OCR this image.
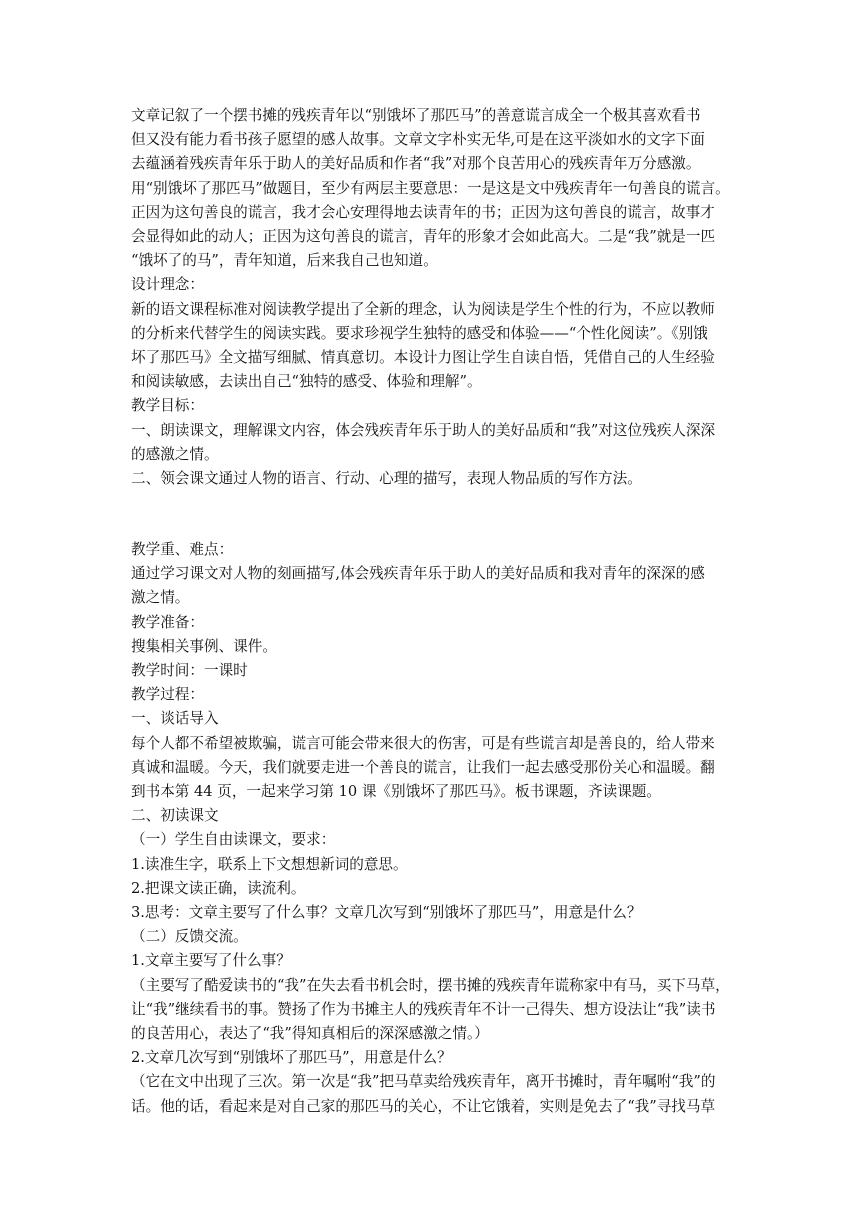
文章记叙了一个摆书摊的残疾青年以“别饿坏了那匹马”的善意谎言成全一个极其喜欢看书
但又没有能力看书孩子愿望的感人故事。文章文字朴实无华,可是在这平淡如水的文字下面
去蕴涵着残疾青年乐于助人的美好品质和作者“我”对那个良苦用心的残疾青年万分感激。
用“别饿坏了那匹马”做题目，至少有两层主要意思：一是这是文中残疾青年一句善良的谎言。
正因为这句善良的谎言，我才会心安理得地去读青年的书；正因为这句善良的谎言，故事才
会显得如此的动人；正因为这句善良的谎言，青年的形象才会如此高大。二是“我”就是一匹
“饿坏了的马”，青年知道，后来我自己也知道。
设计理念：
新的语文课程标准对阅读教学提出了全新的理念，认为阅读是学生个性的行为，不应以教师
的分析来代替学生的阅读实践。要求珍视学生独特的感受和体验——“个性化阅读”。《别饿
坏了那匹马》全文描写细腻、情真意切。本设计力图让学生自读自悟，凭借自己的人生经验
和阅读敏感，去读出自己“独特的感受、体验和理解”。
教学目标：
一、朗读课文，理解课文内容，体会残疾青年乐于助人的美好品质和“我”对这位残疾人深深
的感激之情。
二、领会课文通过人物的语言、行动、心理的描写，表现人物品质的写作方法。
教学重、难点：
通过学习课文对人物的刻画描写,体会残疾青年乐于助人的美好品质和我对青年的深深的感
激之情。
教学准备：
搜集相关事例、课件。
教学时间：一课时
教学过程：
一、谈话导入
每个人都不希望被欺骗，谎言可能会带来很大的伤害，可是有些谎言却是善良的，给人带来
真诚和温暖。今天，我们就要走进一个善良的谎言，让我们一起去感受那份关心和温暖。翻
到书本第 44 页，一起来学习第 10 课《别饿坏了那匹马》。板书课题，齐读课题。
二、初读课文
（一）学生自由读课文，要求：
1.读准生字，联系上下文想想新词的意思。
2.把课文读正确，读流利。
3.思考：文章主要写了什么事？文章几次写到“别饿坏了那匹马”，用意是什么？
（二）反馈交流。
1.文章主要写了什么事？
（主要写了酷爱读书的“我”在失去看书机会时，摆书摊的残疾青年谎称家中有马，买下马草，
让“我”继续看书的事。赞扬了作为书摊主人的残疾青年不计一己得失、想方设法让“我”读书
的良苦用心，表达了“我”得知真相后的深深感激之情。）
2.文章几次写到“别饿坏了那匹马”，用意是什么？
（它在文中出现了三次。第一次是“我”把马草卖给残疾青年，离开书摊时，青年嘱咐“我”的
话。他的话，看起来是对自己家的那匹马的关心，不让它饿着，实则是免去了“我”寻找马草
